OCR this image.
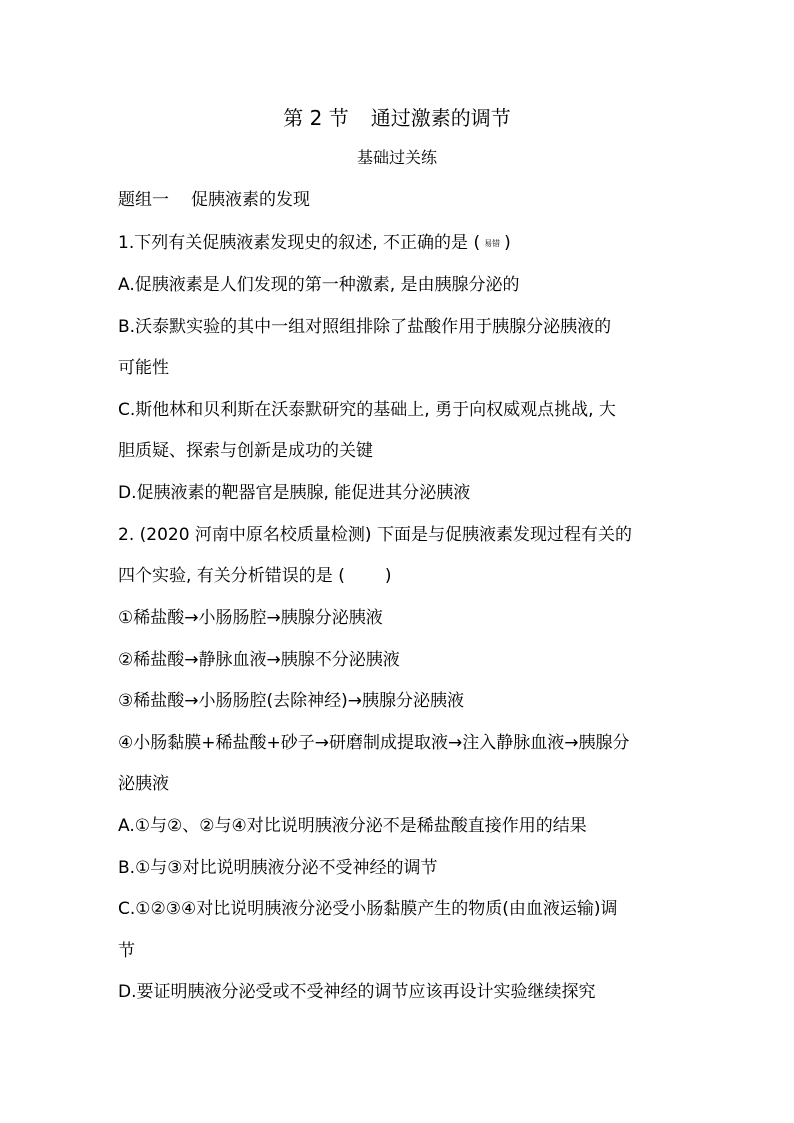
第 2 节 通过激素的调节
基础过关练
题组一 促胰液素的发现
1.下列有关促胰液素发现史的叙述, 不正确的是 ( 易错 )
A.促胰液素是人们发现的第一种激素, 是由胰腺分泌的
B.沃泰默实验的其中一组对照组排除了盐酸作用于胰腺分泌胰液的
可能性
C.斯他林和贝利斯在沃泰默研究的基础上, 勇于向权威观点挑战, 大
胆质疑、探索与创新是成功的关键
D.促胰液素的靶器官是胰腺, 能促进其分泌胰液
2. (2020 河南中原名校质量检测) 下面是与促胰液素发现过程有关的
四个实验, 有关分析错误的是 ( )
①稀盐酸→小肠肠腔→胰腺分泌胰液
②稀盐酸→静脉血液→胰腺不分泌胰液
③稀盐酸→小肠肠腔(去除神经)→胰腺分泌胰液
④小肠黏膜+稀盐酸+砂子→研磨制成提取液→注入静脉血液→胰腺分
泌胰液
A.①与②、②与④对比说明胰液分泌不是稀盐酸直接作用的结果
B.①与③对比说明胰液分泌不受神经的调节
C.①②③④对比说明胰液分泌受小肠黏膜产生的物质(由血液运输)调
节
D.要证明胰液分泌受或不受神经的调节应该再设计实验继续探究
